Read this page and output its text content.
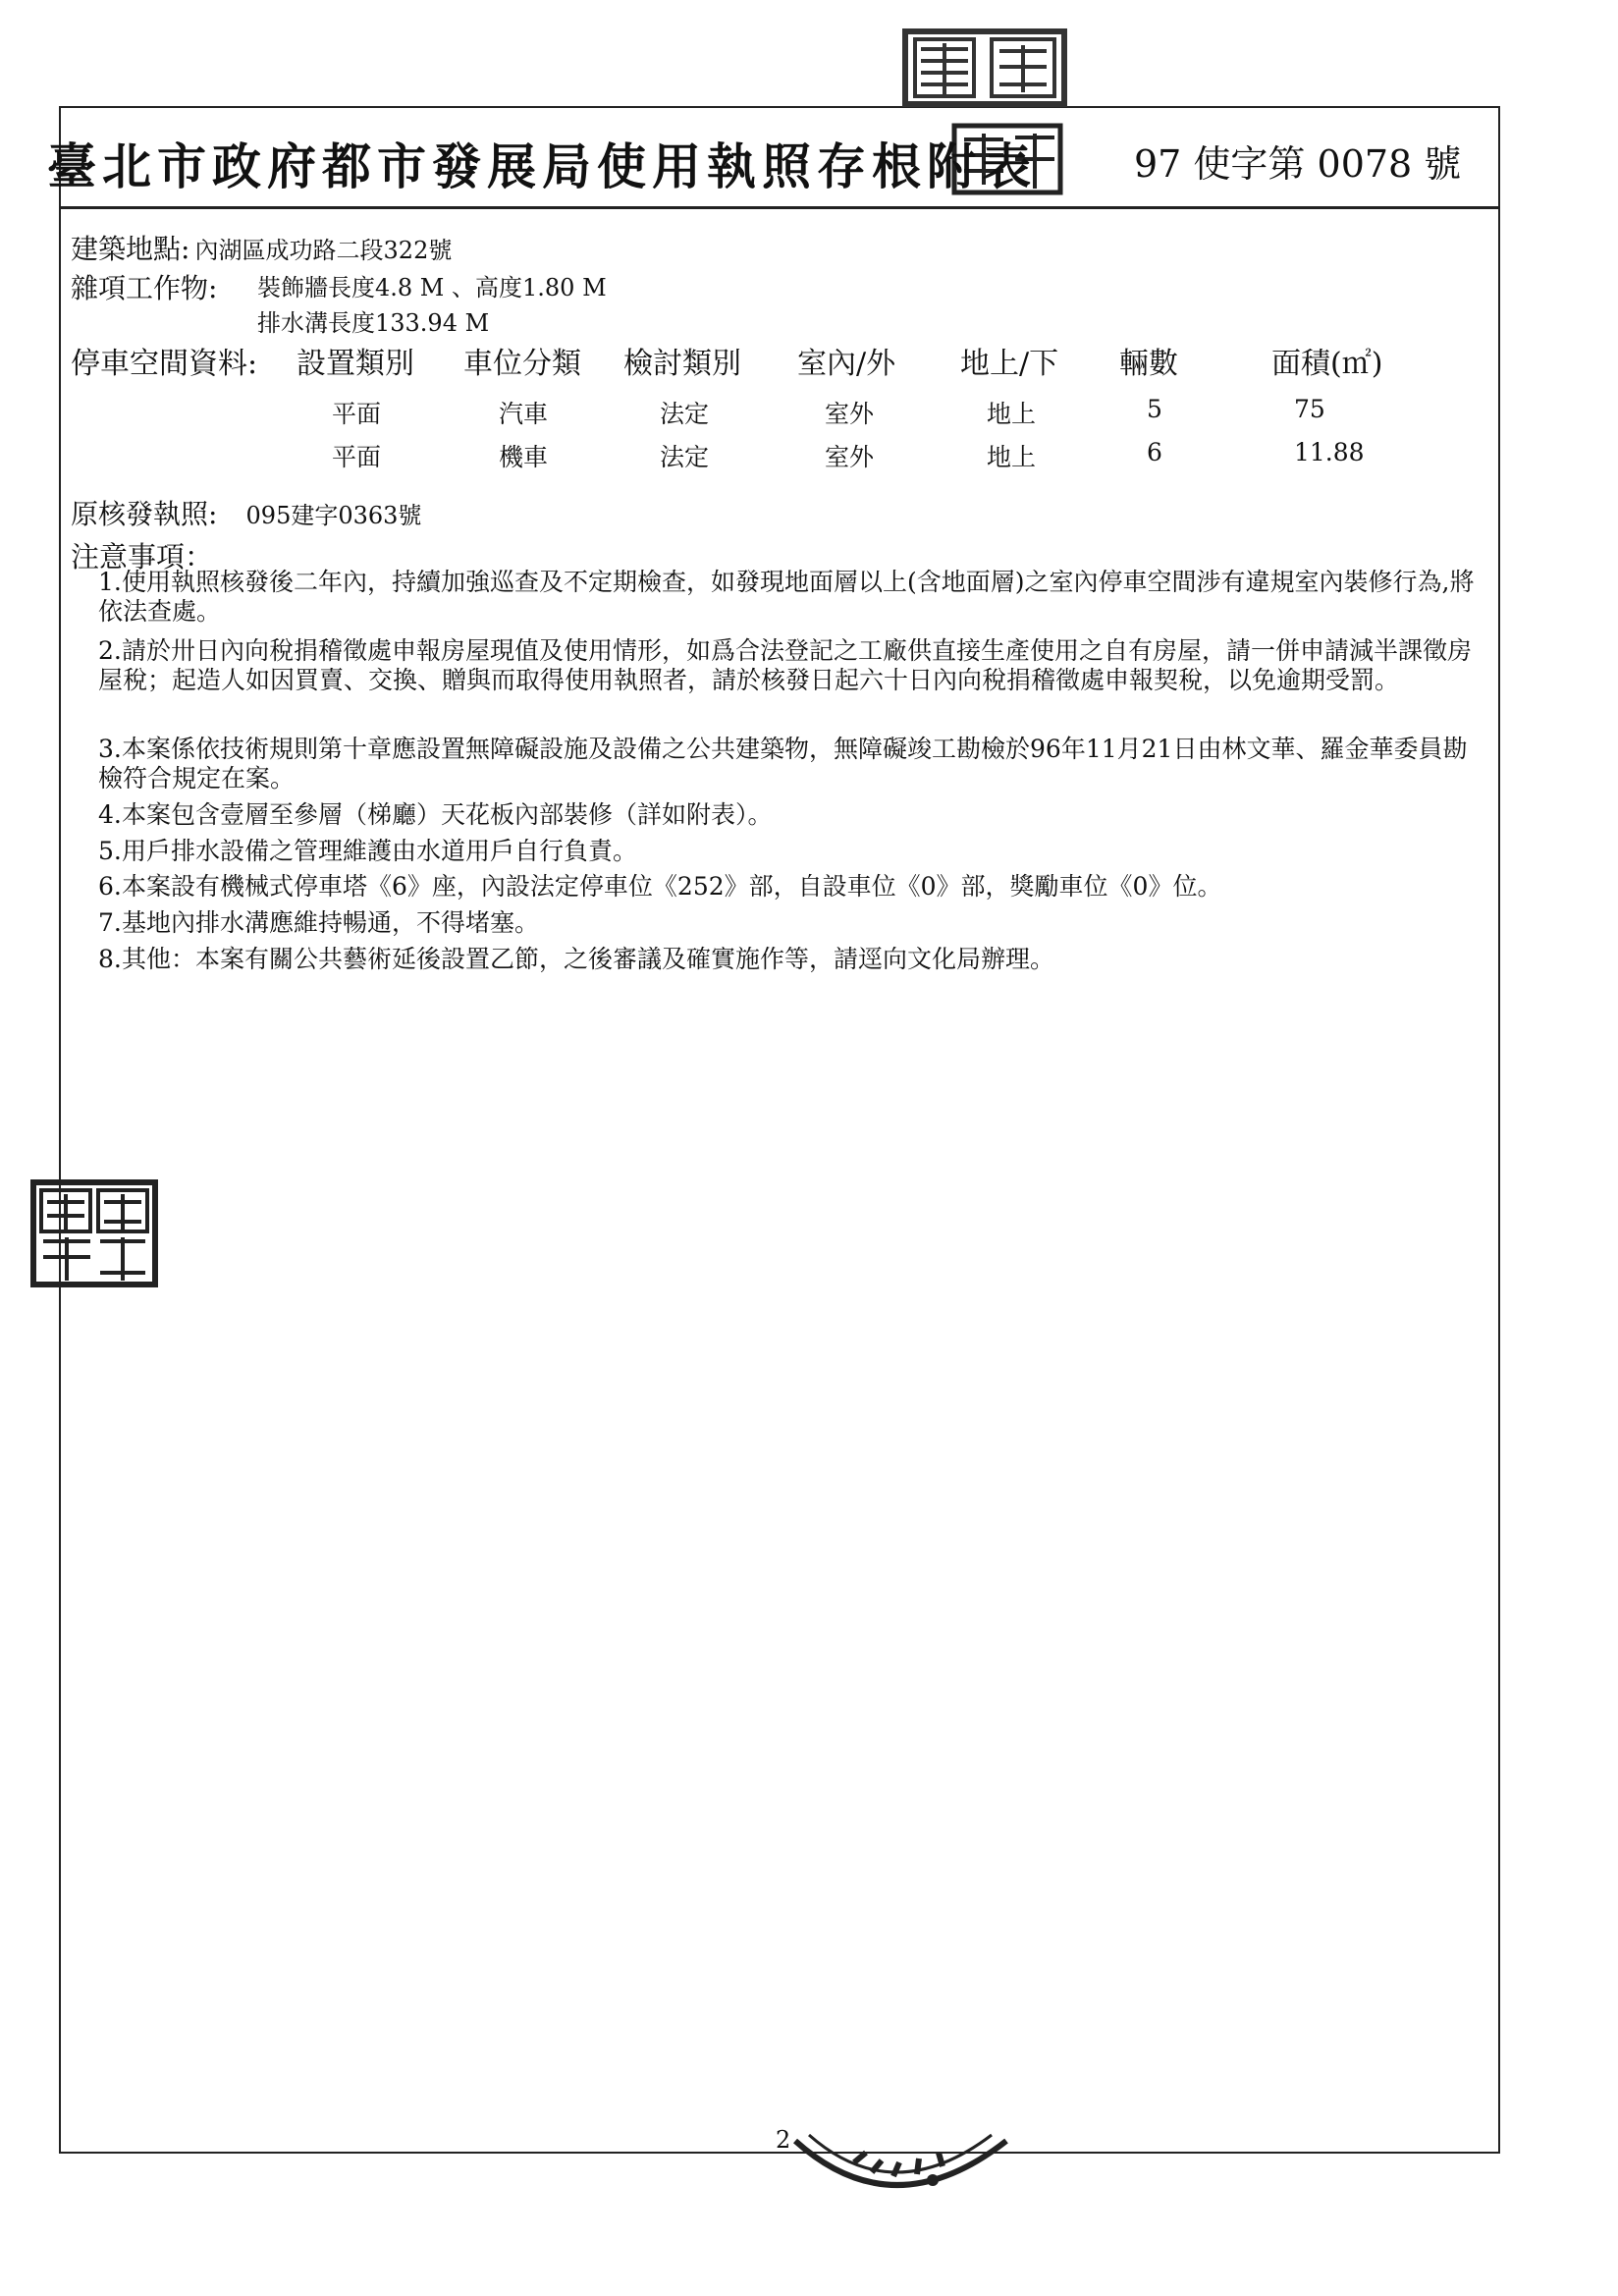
臺北市政府都市發展局使用執照存根附表	97 使字第 0078 號
建築地點: 內湖區成功路二段322號
雜項工作物: 裝飾牆長度4.8 M 、高度1.80 M
排水溝長度133.94 M
停車空間資料: 設置類別 車位分類 檢討類別 室內/外 地上/下 輛數	面積(㎡)
平面	汽車	法定	室外	地上	5	75
平面	機車	法定	室外	地上	6	11.88
原核發執照: 095建字0363號
注意事項：
1.使用執照核發後二年內，持續加強巡查及不定期檢查，如發現地面層以上(含地面層)之室內停車空間涉有違規室內裝修行為,將依法查處。
2.請於卅日內向稅捐稽徵處申報房屋現值及使用情形，如爲合法登記之工廠供直接生產使用之自有房屋，請一併申請減半課徵房屋稅；起造人如因買賣、交換、贈與而取得使用執照者，請於核發日起六十日內向稅捐稽徵處申報契稅，以免逾期受罰。
3.本案係依技術規則第十章應設置無障礙設施及設備之公共建築物，無障礙竣工勘檢於96年11月21日由林文華、羅金華委員勘檢符合規定在案。
4.本案包含壹層至參層（梯廳）天花板內部裝修（詳如附表）。
5.用戶排水設備之管理維護由水道用戶自行負責。
6.本案設有機械式停車塔《6》座，內設法定停車位《252》部，自設車位《0》部，獎勵車位《0》位。
7.基地內排水溝應維持暢通，不得堵塞。
8.其他：本案有關公共藝術延後設置乙節，之後審議及確實施作等，請逕向文化局辦理。
2
